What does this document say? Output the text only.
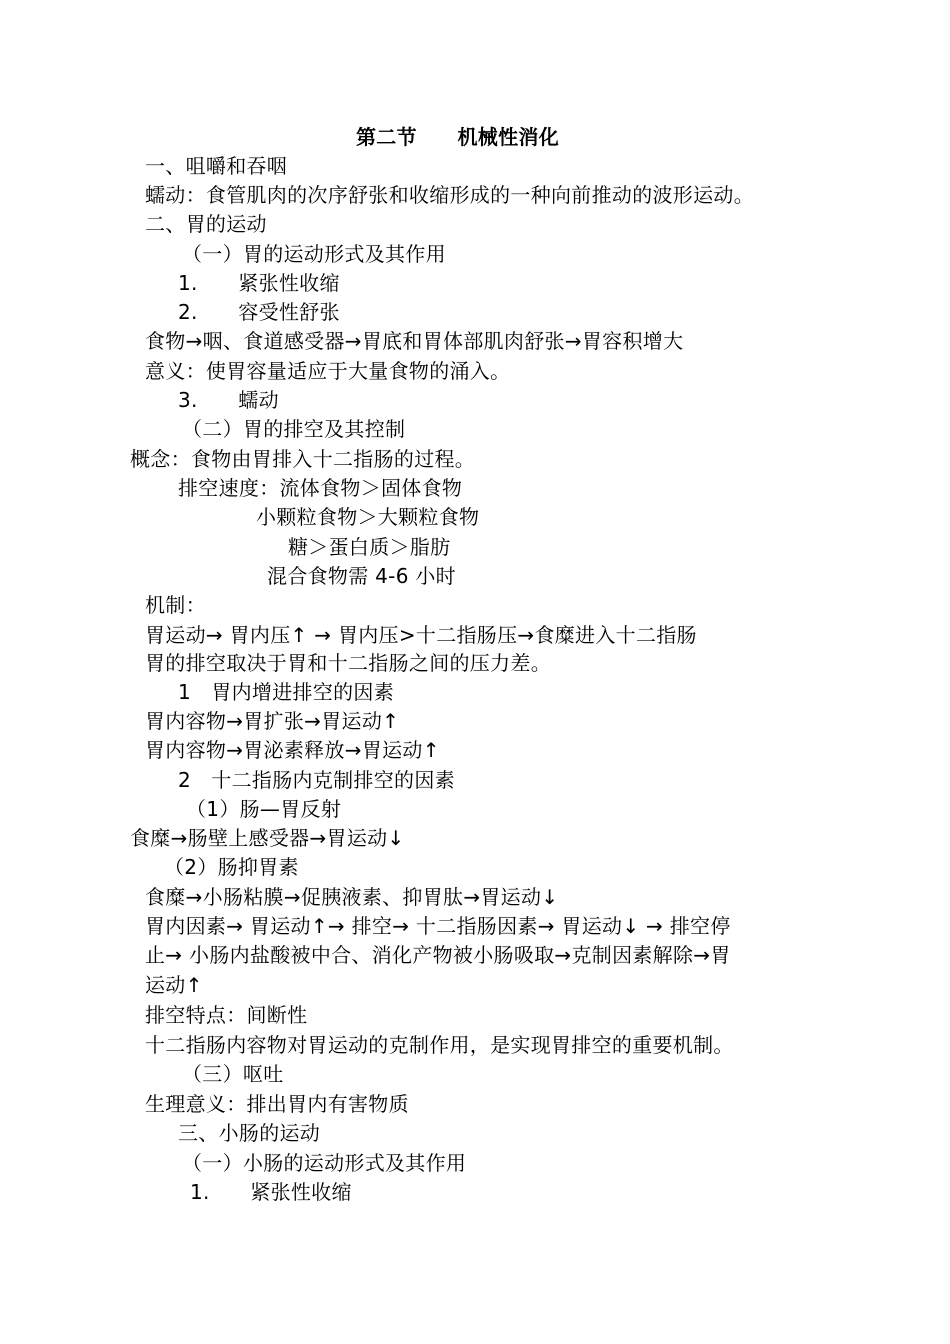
第二节　　机械性消化
一、咀嚼和吞咽
蠕动：食管肌肉的次序舒张和收缩形成的一种向前推动的波形运动。
二、胃的运动
（一）胃的运动形式及其作用
1.　　紧张性收缩
2.　　容受性舒张
食物→咽、食道感受器→胃底和胃体部肌肉舒张→胃容积增大
意义：使胃容量适应于大量食物的涌入。
3.　　蠕动
（二）胃的排空及其控制
概念：食物由胃排入十二指肠的过程。
排空速度：流体食物＞固体食物
小颗粒食物＞大颗粒食物
糖＞蛋白质＞脂肪
混合食物需 4-6 小时
机制：
胃运动→ 胃内压↑ → 胃内压>十二指肠压→食糜进入十二指肠
胃的排空取决于胃和十二指肠之间的压力差。
1　胃内增进排空的因素
胃内容物→胃扩张→胃运动↑
胃内容物→胃泌素释放→胃运动↑
2　十二指肠内克制排空的因素
（1）肠—胃反射
食糜→肠壁上感受器→胃运动↓
（2）肠抑胃素
食糜→小肠粘膜→促胰液素、抑胃肽→胃运动↓
胃内因素→ 胃运动↑→ 排空→ 十二指肠因素→ 胃运动↓ → 排空停
止→ 小肠内盐酸被中合、消化产物被小肠吸取→克制因素解除→胃
运动↑
排空特点：间断性
十二指肠内容物对胃运动的克制作用，是实现胃排空的重要机制。
（三）呕吐
生理意义：排出胃内有害物质
三、小肠的运动
（一）小肠的运动形式及其作用
1.　　紧张性收缩
